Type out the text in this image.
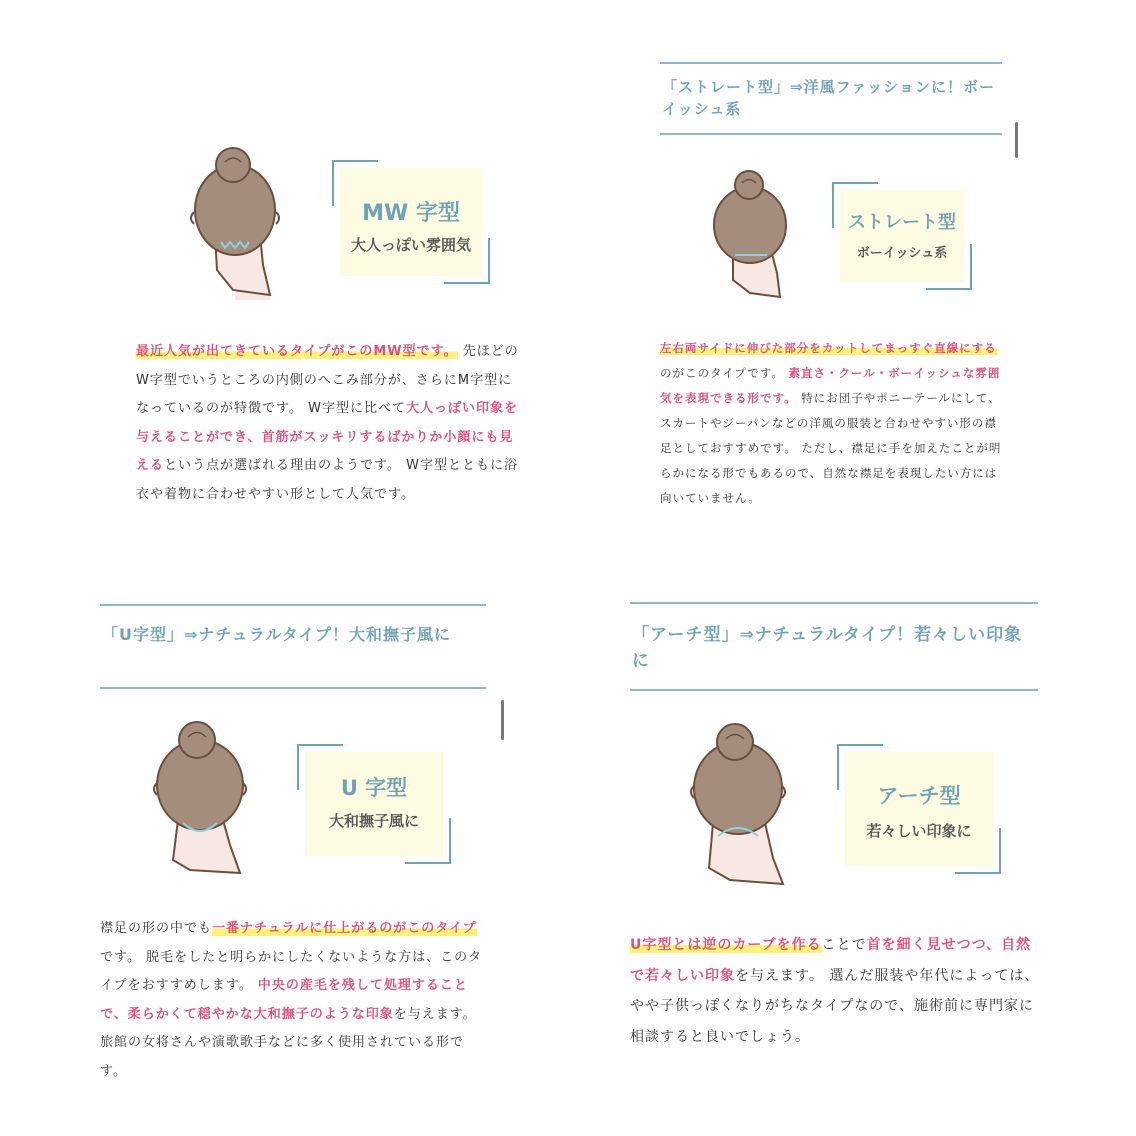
MW 字型
大人っぽい雰囲気
最近人気が出てきているタイプがこのMW型です。 先ほどのW字型でいうところの内側のへこみ部分が、さらにM字型になっているのが特徴です。 W字型に比べて大人っぽい印象を与えることができ、首筋がスッキリするばかりか小顔にも見えるという点が選ばれる理由のようです。 W字型とともに浴衣や着物に合わせやすい形として人気です。
「ストレート型」⇒洋風ファッションに！ボーイッシュ系
ストレート型
ボーイッシュ系
左右両サイドに伸びた部分をカットしてまっすぐ直線にするのがこのタイプです。 素直さ・クール・ボーイッシュな雰囲気を表現できる形です。 特にお団子やポニーテールにして、スカートやジーパンなどの洋風の服装と合わせやすい形の襟足としておすすめです。 ただし、襟足に手を加えたことが明らかになる形でもあるので、自然な襟足を表現したい方には向いていません。
「U字型」⇒ナチュラルタイプ！大和撫子風に
U 字型
大和撫子風に
襟足の形の中でも一番ナチュラルに仕上がるのがこのタイプです。 脱毛をしたと明らかにしたくないような方は、このタイプをおすすめします。 中央の産毛を残して処理することで、柔らかくて穏やかな大和撫子のような印象を与えます。 旅館の女将さんや演歌歌手などに多く使用されている形です。
「アーチ型」⇒ナチュラルタイプ！若々しい印象に
アーチ型
若々しい印象に
U字型とは逆のカーブを作ることで首を細く見せつつ、自然で若々しい印象を与えます。 選んだ服装や年代によっては、やや子供っぽくなりがちなタイプなので、施術前に専門家に相談すると良いでしょう。
